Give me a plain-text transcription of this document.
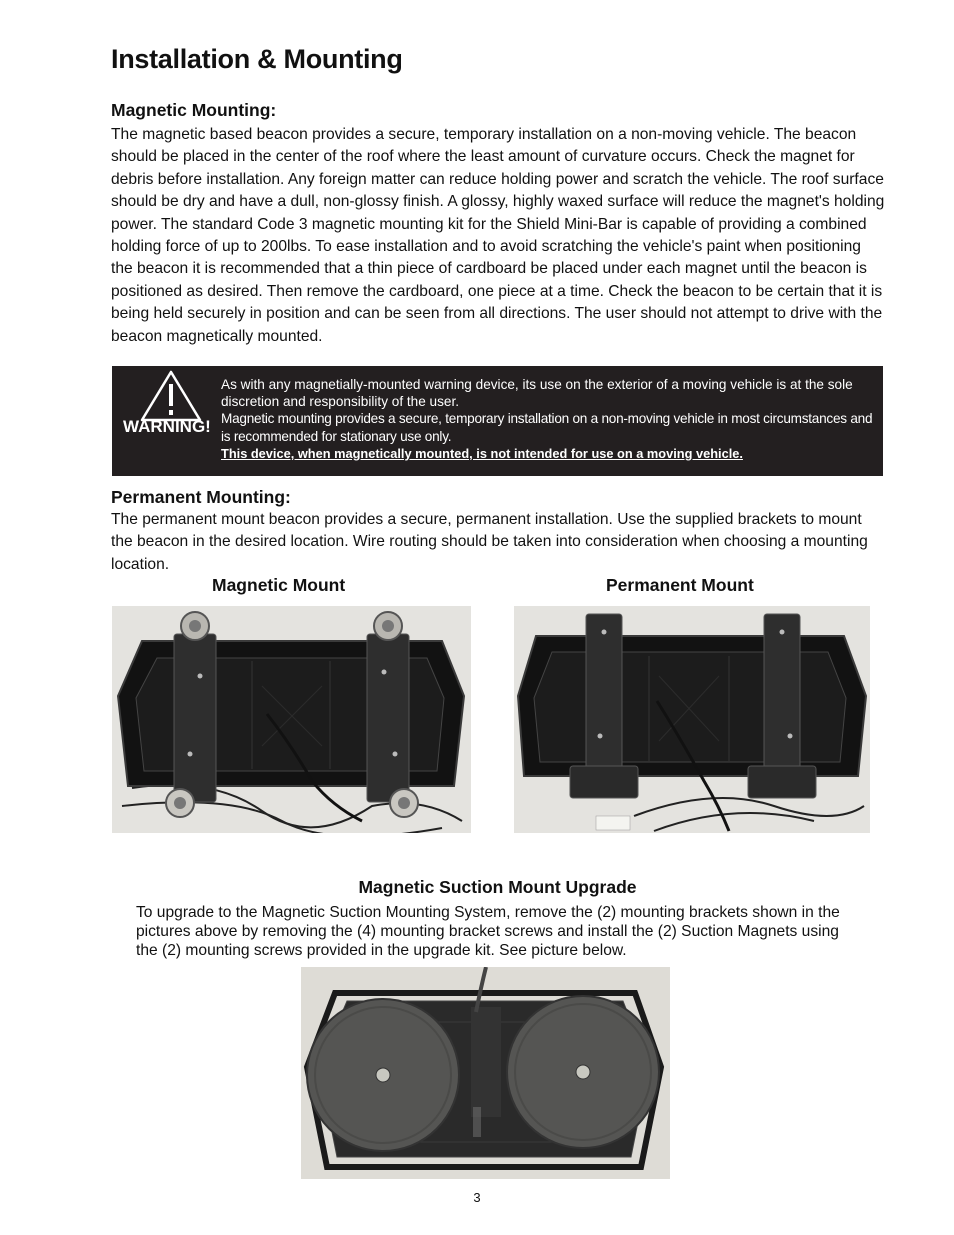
Installation & Mounting
Magnetic Mounting:
The magnetic based beacon provides a secure, temporary installation on a non-moving vehicle. The beacon should be placed in the center of the roof where the least amount of curvature occurs. Check the magnet for debris before installation. Any foreign matter can reduce holding power and scratch the vehicle. The roof surface should be dry and have a dull, non-glossy finish. A glossy, highly waxed surface will reduce the magnet's holding power. The standard Code 3 magnetic mounting kit for the Shield Mini-Bar is capable of providing a combined holding force of up to 200lbs. To ease installation and to avoid scratching the vehicle's paint when positioning the beacon it is recommended that a thin piece of cardboard be placed under each magnet until the beacon is positioned as desired. Then remove the cardboard, one piece at a time. Check the beacon to be certain that it is being held securely in position and can be seen from all directions. The user should not attempt to drive with the beacon magnetically mounted.
WARNING!

As with any magnetially-mounted warning device, its use on the exterior of a moving vehicle is at the sole discretion and responsibility of the user.

Magnetic mounting provides a secure, temporary installation on a non-moving vehicle in most circumstances and is recommended for stationary use only.

This device, when magnetically mounted, is not intended for use on a moving vehicle.

Permanent Mounting:
The permanent mount beacon provides a secure, permanent installation. Use the supplied brackets to mount the beacon in the desired location. Wire routing should be taken into consideration when choosing a mounting location.
Magnetic Mount	Permanent Mount
Magnetic Suction Mount Upgrade
To upgrade to the Magnetic Suction Mounting System, remove the (2) mounting brackets shown in the pictures above by removing the (4) mounting bracket screws and install the (2) Suction Magnets using the (2) mounting screws provided in the upgrade kit. See picture below.
3
